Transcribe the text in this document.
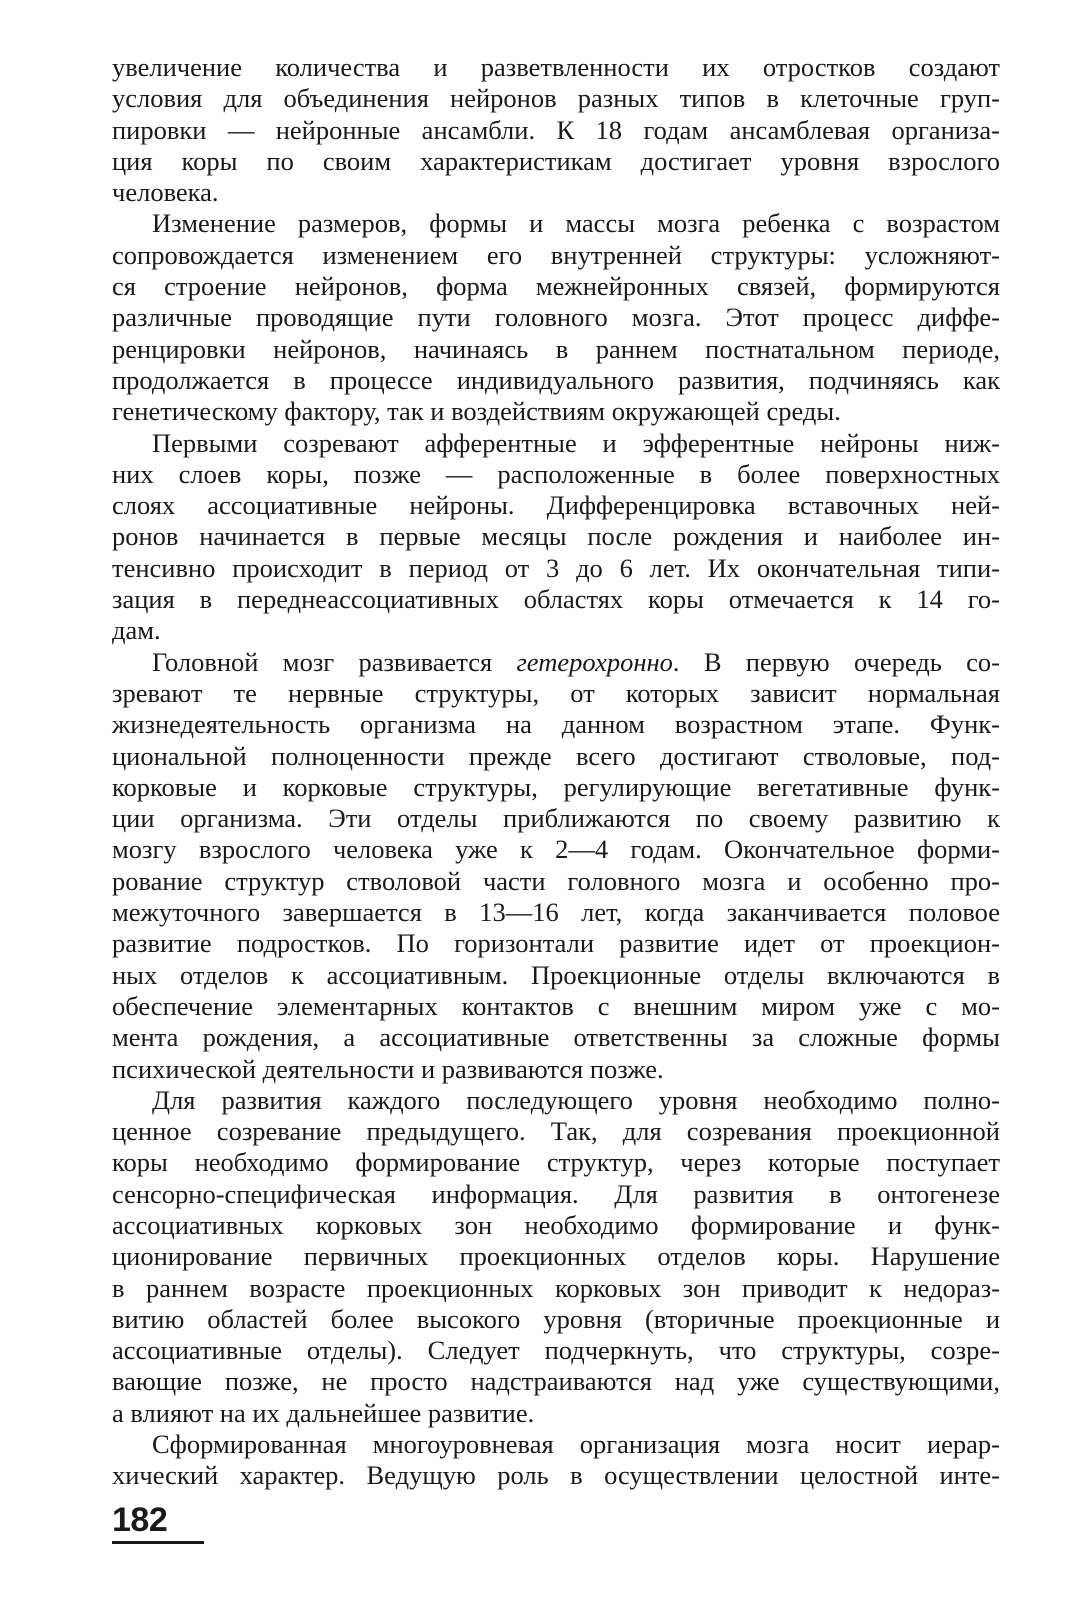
увеличение количества и разветвленности их отростков создают
условия для объединения нейронов разных типов в клеточные груп-
пировки — нейронные ансамбли. К 18 годам ансамблевая организа-
ция коры по своим характеристикам достигает уровня взрослого
человека.
Изменение размеров, формы и массы мозга ребенка с возрастом
сопровождается изменением его внутренней структуры: усложняют-
ся строение нейронов, форма межнейронных связей, формируются
различные проводящие пути головного мозга. Этот процесс диффе-
ренцировки нейронов, начинаясь в раннем постнатальном периоде,
продолжается в процессе индивидуального развития, подчиняясь как
генетическому фактору, так и воздействиям окружающей среды.
Первыми созревают афферентные и эфферентные нейроны ниж-
них слоев коры, позже — расположенные в более поверхностных
слоях ассоциативные нейроны. Дифференцировка вставочных ней-
ронов начинается в первые месяцы после рождения и наиболее ин-
тенсивно происходит в период от 3 до 6 лет. Их окончательная типи-
зация в переднеассоциативных областях коры отмечается к 14 го-
дам.
Головной мозг развивается гетерохронно. В первую очередь со-
зревают те нервные структуры, от которых зависит нормальная
жизнедеятельность организма на данном возрастном этапе. Функ-
циональной полноценности прежде всего достигают стволовые, под-
корковые и корковые структуры, регулирующие вегетативные функ-
ции организма. Эти отделы приближаются по своему развитию к
мозгу взрослого человека уже к 2—4 годам. Окончательное форми-
рование структур стволовой части головного мозга и особенно про-
межуточного завершается в 13—16 лет, когда заканчивается половое
развитие подростков. По горизонтали развитие идет от проекцион-
ных отделов к ассоциативным. Проекционные отделы включаются в
обеспечение элементарных контактов с внешним миром уже с мо-
мента рождения, а ассоциативные ответственны за сложные формы
психической деятельности и развиваются позже.
Для развития каждого последующего уровня необходимо полно-
ценное созревание предыдущего. Так, для созревания проекционной
коры необходимо формирование структур, через которые поступает
сенсорно-специфическая информация. Для развития в онтогенезе
ассоциативных корковых зон необходимо формирование и функ-
ционирование первичных проекционных отделов коры. Нарушение
в раннем возрасте проекционных корковых зон приводит к недораз-
витию областей более высокого уровня (вторичные проекционные и
ассоциативные отделы). Следует подчеркнуть, что структуры, созре-
вающие позже, не просто надстраиваются над уже существующими,
а влияют на их дальнейшее развитие.
Сформированная многоуровневая организация мозга носит иерар-
хический характер. Ведущую роль в осуществлении целостной инте-
182
